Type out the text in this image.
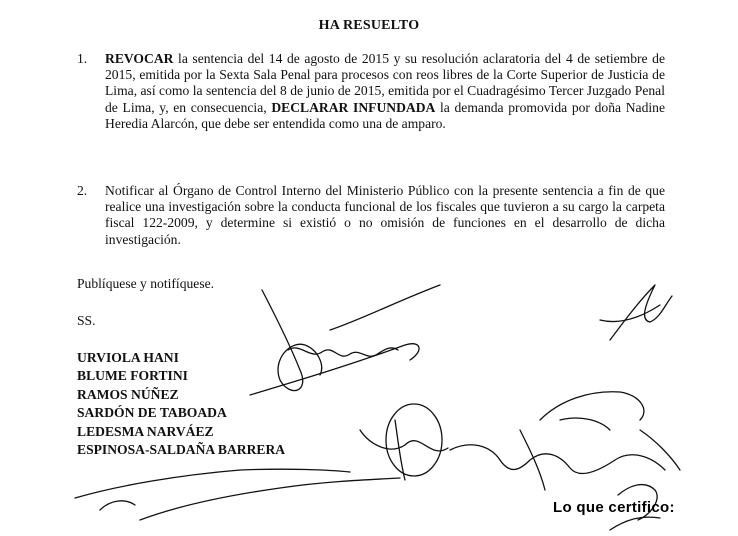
HA RESUELTO
1. REVOCAR la sentencia del 14 de agosto de 2015 y su resolución aclaratoria del 4 de setiembre de 2015, emitida por la Sexta Sala Penal para procesos con reos libres de la Corte Superior de Justicia de Lima, así como la sentencia del 8 de junio de 2015, emitida por el Cuadragésimo Tercer Juzgado Penal de Lima, y, en consecuencia, DECLARAR INFUNDADA la demanda promovida por doña Nadine Heredia Alarcón, que debe ser entendida como una de amparo.
2. Notificar al Órgano de Control Interno del Ministerio Público con la presente sentencia a fin de que realice una investigación sobre la conducta funcional de los fiscales que tuvieron a su cargo la carpeta fiscal 122-2009, y determine si existió o no omisión de funciones en el desarrollo de dicha investigación.
Publíquese y notifíquese.
SS.
URVIOLA HANI
BLUME FORTINI
RAMOS NÚÑEZ
SARDÓN DE TABOADA
LEDESMA NARVÁEZ
ESPINOSA-SALDAÑA BARRERA
Lo que certifico:
